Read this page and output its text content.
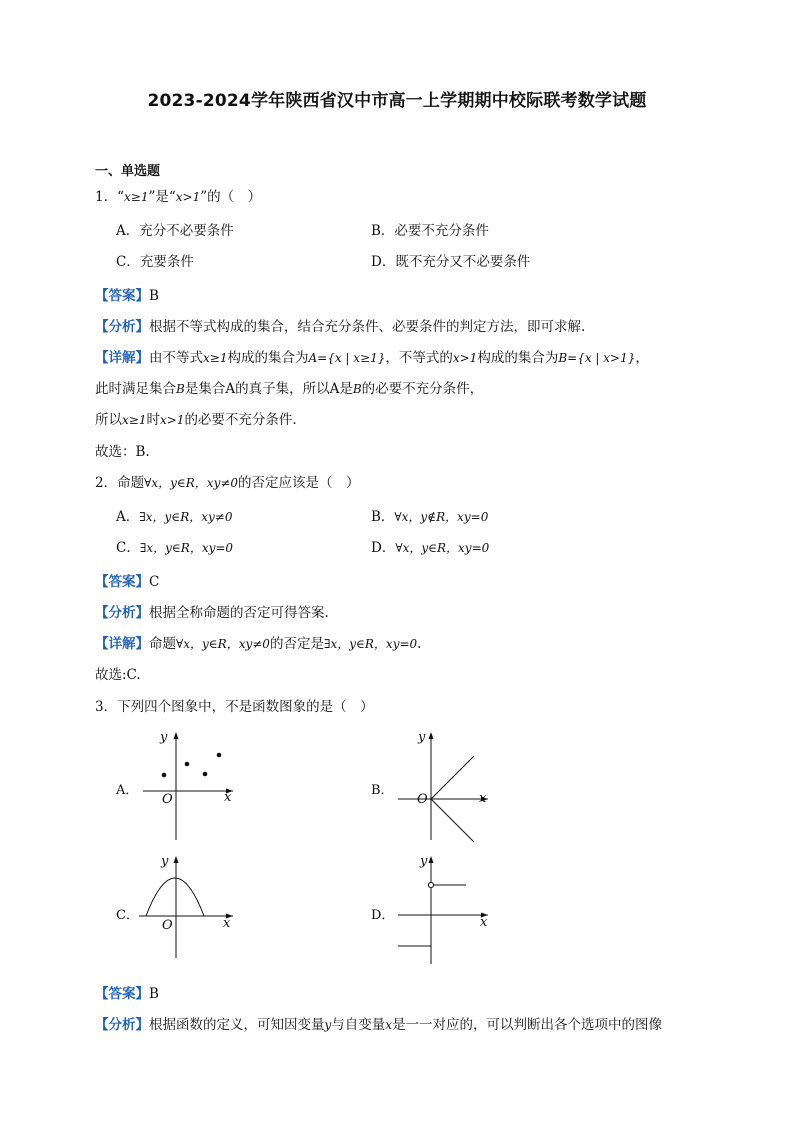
2023-2024学年陕西省汉中市高一上学期期中校际联考数学试题
一、单选题
1．“x≥1”是“x>1”的（　）
A．充分不必要条件	B．必要不充分条件
C．充要条件	D．既不充分又不必要条件
【答案】B
【分析】根据不等式构成的集合，结合充分条件、必要条件的判定方法，即可求解.
【详解】由不等式x≥1构成的集合为A={x | x≥1}，不等式的x>1构成的集合为B={x | x>1}，
此时满足集合B是集合A的真子集，所以A是B的必要不充分条件，
所以x≥1时x>1的必要不充分条件.
故选：B.
2．命题∀x，y∈R，xy≠0的否定应该是（　）
A．∃x，y∈R，xy≠0	B．∀x，y∉R，xy=0
C．∃x，y∈R，xy=0	D．∀x，y∈R，xy=0
【答案】C
【分析】根据全称命题的否定可得答案.
【详解】命题∀x，y∈R，xy≠0的否定是∃x，y∈R，xy=0.
故选:C.
3．下列四个图象中，不是函数图象的是（　）
A．	x
y
O
B．
x
y
O
C．
x
y
O
D．	x
y
【答案】B
【分析】根据函数的定义，可知因变量y与自变量x是一一对应的，可以判断出各个选项中的图像
